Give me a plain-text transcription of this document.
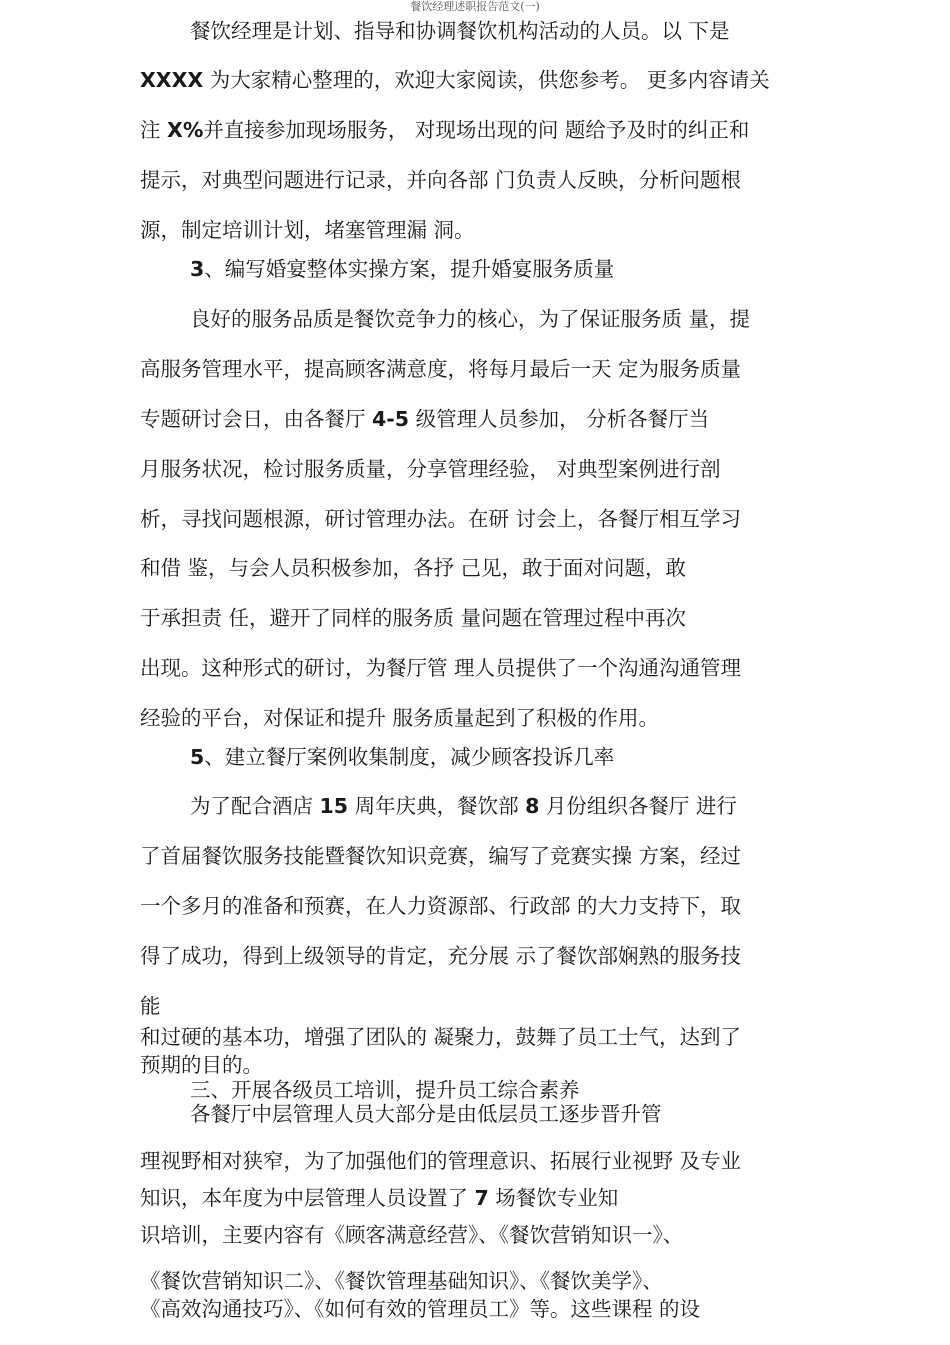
餐饮经理述职报告范文(一)
餐饮经理是计划、指导和协调餐饮机构活动的人员。以 下是
XXXX 为大家精心整理的，欢迎大家阅读，供您参考。 更多内容请关
注 X%并直接参加现场服务， 对现场出现的问 题给予及时的纠正和
提示，对典型问题进行记录，并向各部 门负责人反映，分析问题根
源，制定培训计划，堵塞管理漏 洞。
3、编写婚宴整体实操方案，提升婚宴服务质量
良好的服务品质是餐饮竞争力的核心，为了保证服务质 量，提
高服务管理水平，提高顾客满意度，将每月最后一天 定为服务质量
专题研讨会日，由各餐厅 4-5 级管理人员参加， 分析各餐厅当
月服务状况，检讨服务质量，分享管理经验， 对典型案例进行剖
析，寻找问题根源，研讨管理办法。在研 讨会上，各餐厅相互学习
和借 鉴，与会人员积极参加，各抒 己见，敢于面对问题，敢
于承担责 任，避开了同样的服务质 量问题在管理过程中再次
出现。这种形式的研讨，为餐厅管 理人员提供了一个沟通沟通管理
经验的平台，对保证和提升 服务质量起到了积极的作用。
5、建立餐厅案例收集制度，减少顾客投诉几率
为了配合酒店 15 周年庆典，餐饮部 8 月份组织各餐厅 进行
了首届餐饮服务技能暨餐饮知识竞赛，编写了竞赛实操 方案，经过
一个多月的准备和预赛，在人力资源部、行政部 的大力支持下，取
得了成功，得到上级领导的肯定，充分展 示了餐饮部娴熟的服务技
能
和过硬的基本功，增强了团队的 凝聚力，鼓舞了员工士气，达到了
预期的目的。
三、开展各级员工培训，提升员工综合素养
各餐厅中层管理人员大部分是由低层员工逐步晋升管
理视野相对狭窄，为了加强他们的管理意识、拓展行业视野 及专业
知识，本年度为中层管理人员设置了 7 场餐饮专业知
识培训，主要内容有《顾客满意经营》、《餐饮营销知识一》、
《餐饮营销知识二》、《餐饮管理基础知识》、《餐饮美学》、
《高效沟通技巧》、《如何有效的管理员工》等。这些课程 的设
